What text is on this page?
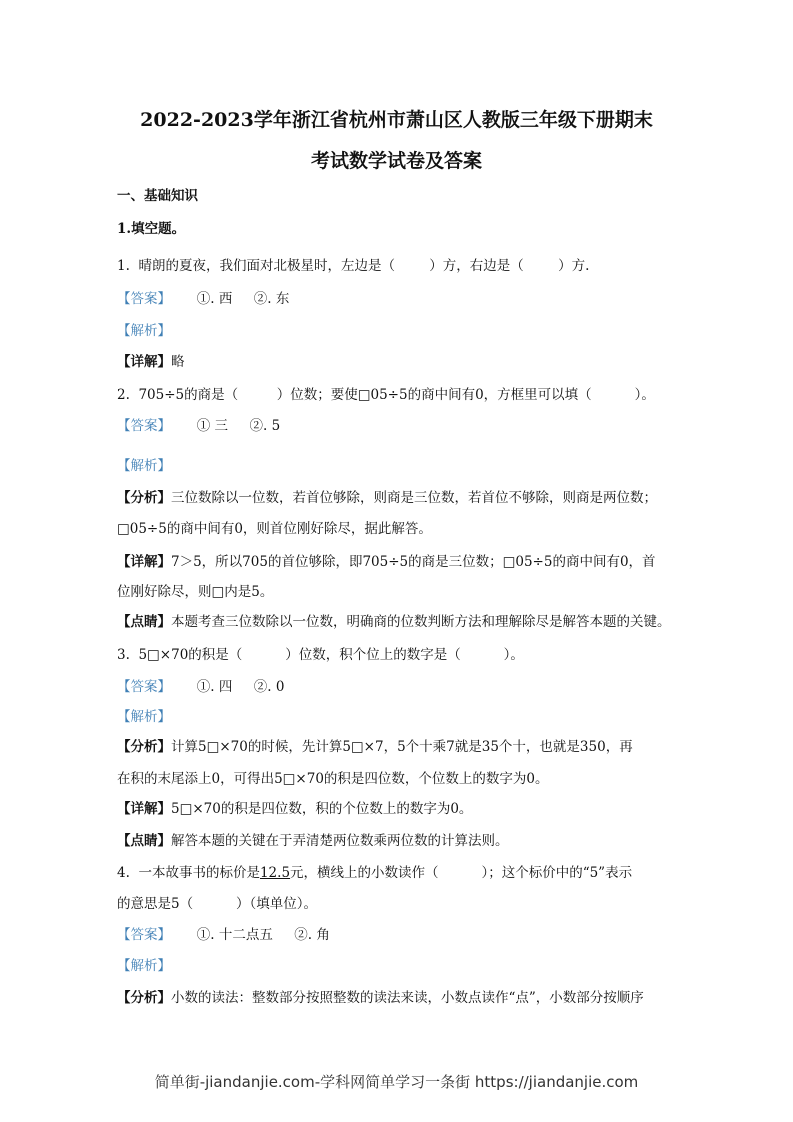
2022-2023学年浙江省杭州市萧山区人教版三年级下册期末
考试数学试卷及答案
一、基础知识
1.填空题。
1.  晴朗的夏夜，我们面对北极星时，左边是（        ）方，右边是（        ）方.
【答案】      ①. 西     ②. 东
【解析】
【详解】略
2.  705÷5的商是（         ）位数；要使□05÷5的商中间有0，方框里可以填（          ）。
【答案】      ① 三     ②. 5
【解析】
【分析】三位数除以一位数，若首位够除，则商是三位数，若首位不够除，则商是两位数；
□05÷5的商中间有0，则首位刚好除尽，据此解答。
【详解】7＞5，所以705的首位够除，即705÷5的商是三位数；□05÷5的商中间有0，首
位刚好除尽，则□内是5。
【点睛】本题考查三位数除以一位数，明确商的位数判断方法和理解除尽是解答本题的关键。
3.  5□×70的积是（          ）位数，积个位上的数字是（          ）。
【答案】      ①. 四     ②. 0
【解析】
【分析】计算5□×70的时候，先计算5□×7，5个十乘7就是35个十，也就是350，再
在积的末尾添上0，可得出5□×70的积是四位数，个位数上的数字为0。
【详解】5□×70的积是四位数，积的个位数上的数字为0。
【点睛】解答本题的关键在于弄清楚两位数乘两位数的计算法则。
4.  一本故事书的标价是12.5元，横线上的小数读作（          ）；这个标价中的“5”表示
的意思是5（          ）（填单位）。
【答案】      ①. 十二点五     ②. 角
【解析】
【分析】小数的读法：整数部分按照整数的读法来读，小数点读作“点”，小数部分按顺序
简单街-jiandanjie.com-学科网简单学习一条街 https://jiandanjie.com
